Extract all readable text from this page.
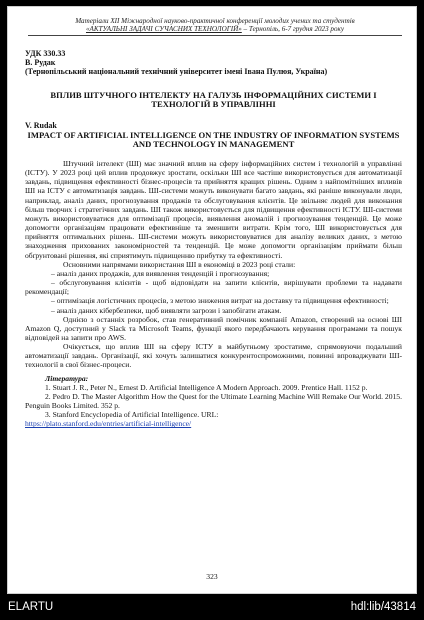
Матеріали XII Міжнародної науково-практичної конференції молодих учених та студентів
«АКТУАЛЬНІ ЗАДАЧІ СУЧАСНИХ ТЕХНОЛОГІЙ» – Тернопіль, 6-7 грудня 2023 року
УДК 330.33
В. Рудак
(Тернопільський національний технічний університет імені Івана Пулюя, Україна)
ВПЛИВ ШТУЧНОГО ІНТЕЛЕКТУ НА ГАЛУЗЬ ІНФОРМАЦІЙНИХ СИСТЕМИ І ТЕХНОЛОГІЙ В УПРАВЛІННІ
V. Rudak
IMPACT OF ARTIFICIAL INTELLIGENCE ON THE INDUSTRY OF INFORMATION SYSTEMS AND TECHNOLOGY IN MANAGEMENT

Штучний інтелект (ШІ) має значний вплив на сферу інформаційних систем і технологій в управлінні (ІСТУ). У 2023 році цей вплив продовжує зростати, оскільки ШІ все частіше використовується для автоматизації завдань, підвищення ефективності бізнес-процесів та прийняття кращих рішень. Одним з найпомітніших впливів ШІ на ІСТУ є автоматизація завдань. ШІ-системи можуть виконувати багато завдань, які раніше виконували люди, наприклад, аналіз даних, прогнозування продажів та обслуговування клієнтів. Це звільняє людей для виконання більш творчих і стратегічних завдань. ШІ також використовується для підвищення ефективності ІСТУ. ШІ-системи можуть використовуватися для оптимізації процесів, виявлення аномалій і прогнозування тенденцій. Це може допомогти організаціям працювати ефективніше та зменшити витрати. Крім того, ШІ використовується для прийняття оптимальних рішень. ШІ-системи можуть використовуватися для аналізу великих даних, з метою знаходження прихованих закономірностей та тенденцій. Це може допомогти організаціям приймати більш обґрунтовані рішення, які сприятимуть підвищенню прибутку та ефективності.

Основними напрямами використання ШІ в економіці в 2023 році стали:

– аналіз даних продажів, для виявлення тенденцій і прогнозування;

– обслуговування клієнтів - щоб відповідати на запити клієнтів, вирішувати проблеми та надавати рекомендації;

– оптимізація логістичних процесів, з метою зниження витрат на доставку та підвищення ефективності;

– аналіз даних кібербезпеки, щоб виявляти загрози і запобігати атакам.

Однією з останніх розробок, став генеративний помічник компанії Amazon, створений на основі ШІ Amazon Q, доступний у Slack та Microsoft Teams, функції якого передбачають керування програмами та пошук відповідей на запити про AWS.

Очікується, що вплив ШІ на сферу ІСТУ в майбутньому зростатиме, спрямовуючи подальший автоматизації завдань. Організації, які хочуть залишатися конкурентоспроможними, повинні впроваджувати ШІ-технології в свої бізнес-процеси.

Література:

1. Stuart J. R., Peter N., Ernest D. Artificial Intelligence A Modern Approach. 2009. Prentice Hall. 1152 p.

2. Pedro D. The Master Algorithm How the Quest for the Ultimate Learning Machine Will Remake Our World. 2015. Penguin Books Limited. 352 p.

3. Stanford Encyclopedia of Artificial Intelligence. URL:
https://plato.stanford.edu/entries/artificial-intelligence/

323
ELARTU	hdl:lib/43814
